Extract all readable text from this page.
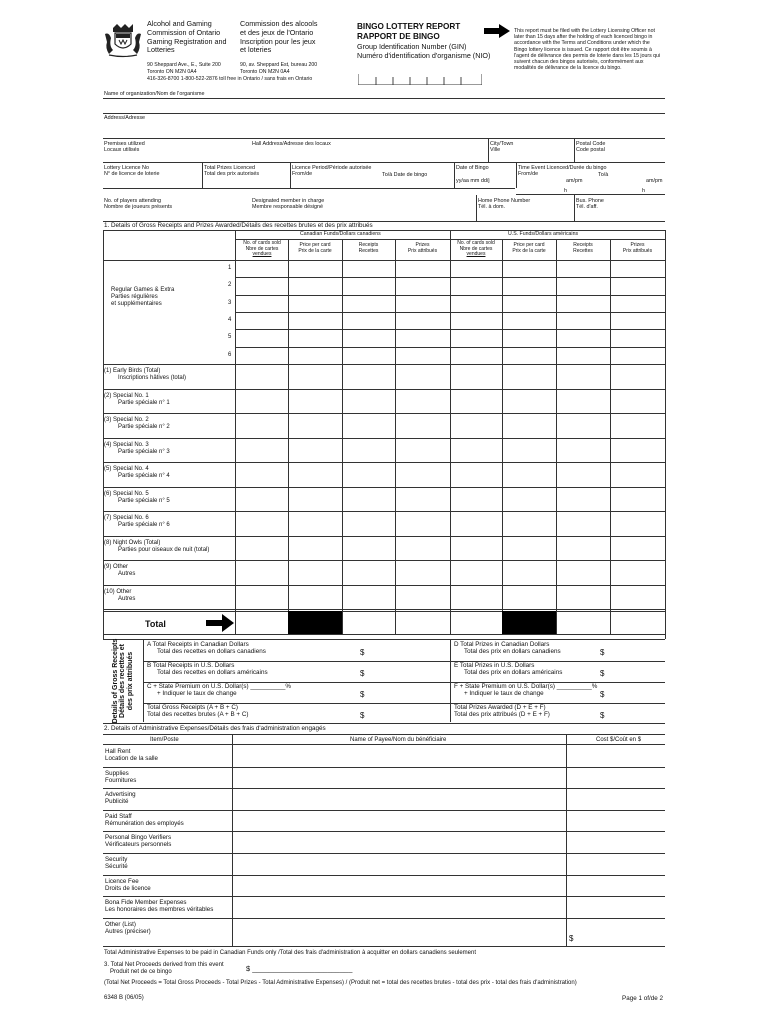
Alcohol and Gaming
Commission of Ontario
Gaming Registration and
Lotteries
90 Sheppard Ave., E., Suite 200
Toronto ON M2N 0A4
416-326-8700 1-800-522-2876 toll free in Ontario / sans frais en Ontario
Commission des alcools
et des jeux de l'Ontario
Inscription pour les jeux
et loteries
90, av. Sheppard Est, bureau 200
Toronto ON M2N 0A4
BINGO LOTTERY REPORT
RAPPORT DE BINGO
Group Identification Number (GIN)
Numéro d'identification d'organisme (NIO)
This report must be filed with the Lottery Licensing Officer not later than 15 days after the holding of each licenced bingo in accordance with the Terms and Conditions under which the Bingo lottery licence is issued. Ce rapport doit être soumis à l'agent de délivrance des permis de loterie dans les 15 jours qui suivent chacun des bingos autorisés, conformément aux modalités de délivrance de la licence du bingo.
Name of organization/Nom de l'organisme
Address/Adresse
Premises utilized
Locaux utilisés
Hall Address/Adresse des locaux	City/Town
Ville
Postal Code
Code postal
Lottery Licence No
N° de licence de loterie
Total Prizes Licenced
Total des prix autorisés
Licence Period/Période autorisée
From/de	To/à Date de bingo
Date of Bingo
yy/aa mm dd/j
Time Event Licenced/Durée du bingo
From/de	To/à
am/pm	am/pm
h	h
No. of players attending
Nombre de joueurs présents
Designated member in charge
Membre responsable désigné
Home Phone Number
Tél. à dom.
Bus. Phone
Tél. d'aff.
1. Details of Gross Receipts and Prizes Awarded/Détails des recettes brutes et des prix attribués
Canadian Funds/Dollars canadiens	U.S. Funds/Dollars américains
No. of cards sold
Nbre de cartes
vendues
Price per card
Prix de la carte
Receipts
Recettes
Prizes
Prix attribués
No. of cards sold
Nbre de cartes
vendues
Price per card
Prix de la carte
Receipts
Recettes
Prizes
Prix attribués
Regular Games & Extra
Parties régulières
et supplémentaires
1
2
3
4
5
6
(1) Early Birds (Total)
Inscriptions hâtives (total)
(2) Special No. 1
Partie spéciale n° 1
(3) Special No. 2
Partie spéciale n° 2
(4) Special No. 3
Partie spéciale n° 3
(5) Special No. 4
Partie spéciale n° 4
(6) Special No. 5
Partie spéciale n° 5
(7) Special No. 6
Partie spéciale n° 6
(8) Night Owls (Total)
Parties pour oiseaux de nuit (total)
(9) Other
Autres
(10) Other
Autres
Total
Details of Gross Receipts Détails des recettes et des prix attribués
A Total Receipts in Canadian Dollars
Total des recettes en dollars canadiens	$
B Total Receipts in U.S. Dollars
Total des recettes en dollars américains	$
C + State Premium on U.S. Dollar(s) __________%
+ Indiquer le taux de change	$
Total Gross Receipts (A + B + C)
Total des recettes brutes (A + B + C)	$
D Total Prizes in Canadian Dollars
Total des prix en dollars canadiens	$
E Total Prizes in U.S. Dollars
Total des prix en dollars américains	$
F + State Premium on U.S. Dollar(s) __________%
+ Indiquer le taux de change	$
Total Prizes Awarded (D + E + F)
Total des prix attribués (D + E + F)	$
2. Details of Administrative Expenses/Détails des frais d'administration engagés
Item/Poste	Name of Payee/Nom du bénéficiaire	Cost $/Coût en $
Hall Rent
Location de la salle
Supplies
Fournitures
Advertising
Publicité
Paid Staff
Rémunération des employés
Personal Bingo Verifiers
Vérificateurs personnels
Security
Sécurité
Licence Fee
Droits de licence
Bona Fide Member Expenses
Les honoraires des membres véritables
Other (List)
Autres (préciser)
$
Total Administrative Expenses to be paid in Canadian Funds only /Total des frais d'administration à acquitter en dollars canadiens seulement
3. Total Net Proceeds derived from this event
Produit net de ce bingo	$ ________________________
(Total Net Proceeds = Total Gross Proceeds - Total Prizes - Total Administrative Expenses) / (Produit net = total des recettes brutes - total des prix - total des frais d'administration)
6348 B (06/05)	Page 1 of/de 2
